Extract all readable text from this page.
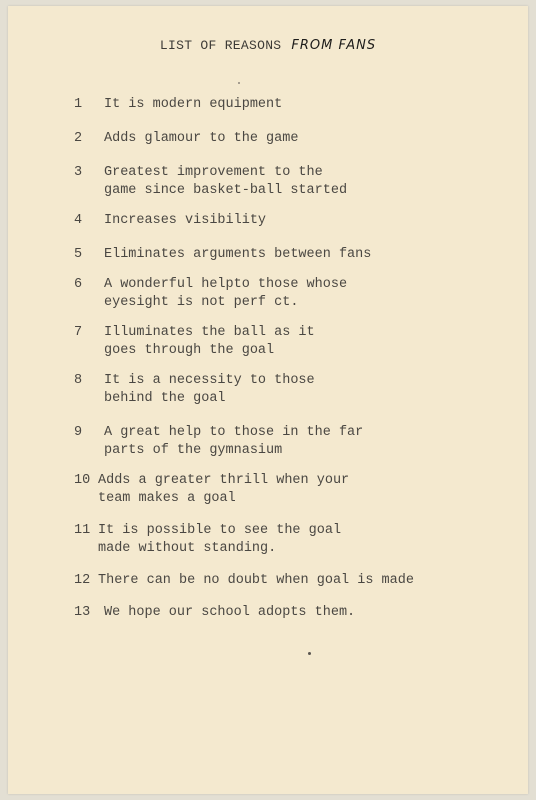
LIST OF REASONS FROM FANS
1 It is modern equipment
2 Adds glamour to the game
3 Greatest improvement to the
game since basket-ball started
4 Increases visibility
5 Eliminates arguments between fans
6 A wonderful helpto those whose
eyesight is not perf ct.
7 Illuminates the ball as it
goes through the goal
8 It is a necessity to those
behind the goal
9 A great help to those in the far
parts of the gymnasium
10 Adds a greater thrill when your
team makes a goal
11 It is possible to see the goal
made without standing.
12 There can be no doubt when goal is made
13 We hope our school adopts them.
